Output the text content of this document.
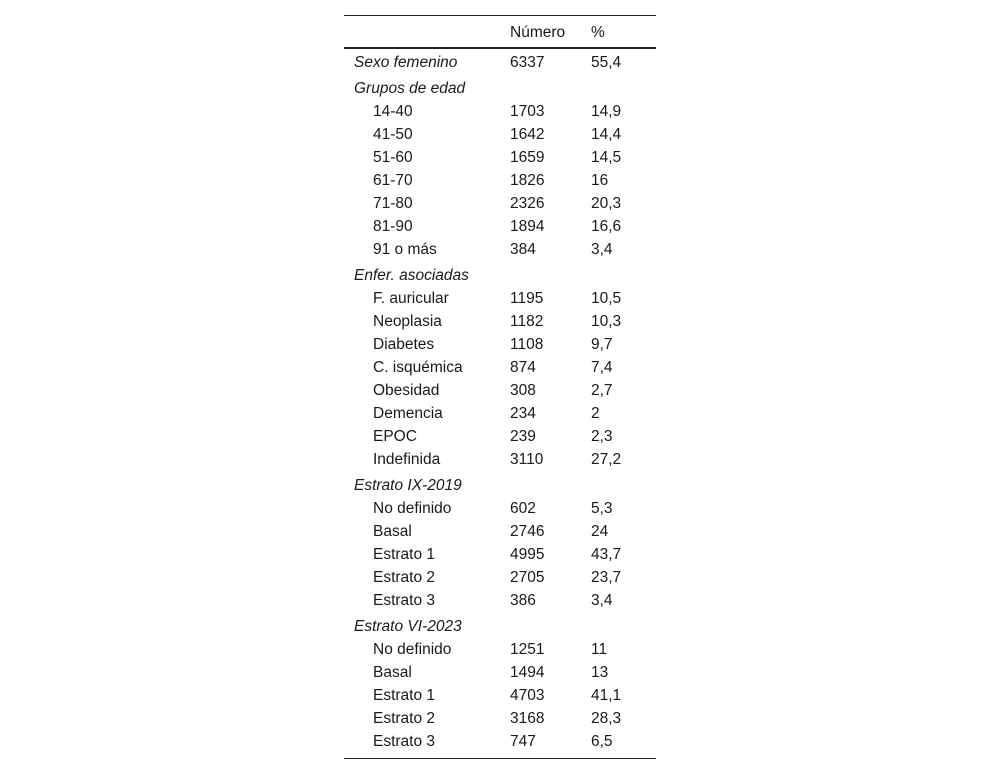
Número %
Sexo femenino	6337	55,4
Grupos de edad
14-40	1703	14,9
41-50	1642	14,4
51-60	1659	14,5
61-70	1826	16
71-80	2326	20,3
81-90	1894	16,6
91 o más	384	3,4
Enfer. asociadas
F. auricular	1195	10,5
Neoplasia	1182	10,3
Diabetes	1108	9,7
C. isquémica	874	7,4
Obesidad	308	2,7
Demencia	234	2
EPOC	239	2,3
Indefinida	3110	27,2
Estrato IX-2019
No definido	602	5,3
Basal	2746	24
Estrato 1	4995	43,7
Estrato 2	2705	23,7
Estrato 3	386	3,4
Estrato VI-2023
No definido	1251	11
Basal	1494	13
Estrato 1	4703	41,1
Estrato 2	3168	28,3
Estrato 3	747	6,5
